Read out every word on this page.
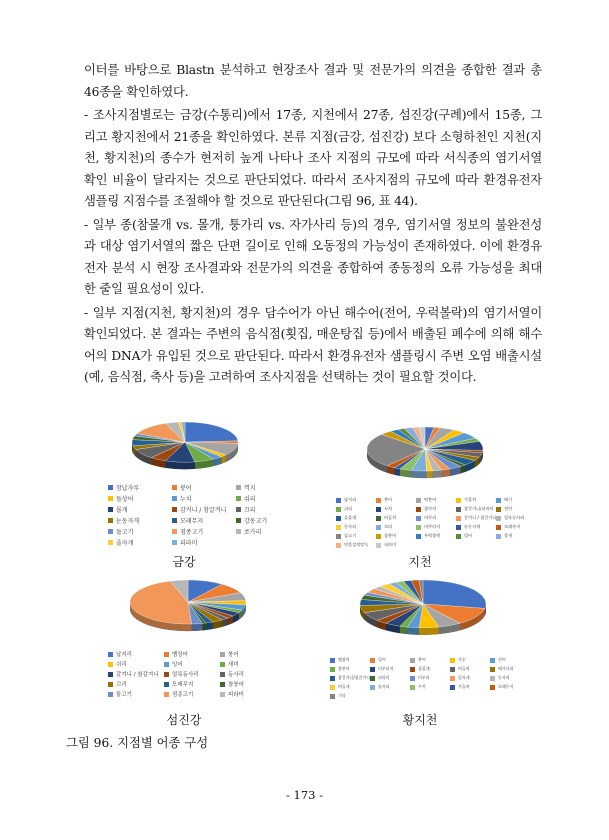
이터를 바탕으로 Blastn 분석하고 현장조사 결과 및 전문가의 의견을 종합한 결과 총 46종을 확인하였다.

- 조사지점별로는 금강(수통리)에서 17종, 지천에서 27종, 섬진강(구례)에서 15종, 그리고 황지천에서 21종을 확인하였다. 본류 지점(금강, 섬진강) 보다 소형하천인 지천(지천, 황지천)의 종수가 현저히 높게 나타나 조사 지점의 규모에 따라 서식종의 염기서열 확인 비율이 달라지는 것으로 판단되었다. 따라서 조사지점의 규모에 따라 환경유전자 샘플링 지점수를 조절해야 할 것으로 판단된다(그림 96, 표 44).

- 일부 종(참몰개 vs. 몰개, 퉁가리 vs. 자가사리 등)의 경우, 염기서열 정보의 불완전성과 대상 염기서열의 짧은 단편 길이로 인해 오동정의 가능성이 존재하였다. 이에 환경유전자 분석 시 현장 조사결과와 전문가의 의견을 종합하여 종동정의 오류 가능성을 최대한 줄일 필요성이 있다.

- 일부 지점(지천, 황지천)의 경우 담수어가 아닌 해수어(전어, 우럭볼락)의 염기서열이 확인되었다. 본 결과는 주변의 음식점(횟집, 매운탕집 등)에서 배출된 폐수에 의해 해수어의 DNA가 유입된 것으로 판단된다. 따라서 환경유전자 샘플링시 주변 오염 배출시설(예, 음식점, 축사 등)을 고려하여 조사지점을 선택하는 것이 필요할 것이다.

참납자루	붕어	꺽지
돌상어	누치	쉬리
몰개	감거니 / 참갈겨니	끄리
눈동자개	모래무지	강동고기
돌고기	점종고기	쏘가리
줄자개	피라미
금강
납지리	붕어	떡붕어	가물치	메기
쉬리	누치	참마자	참갈겨니/피라미 전어
줄몰개	버들치	미꾸리	갈겨니 / 참갈겨니 얼룩동사리
동사리	꼬리	미꾸라지	눈동자개	모래무지
돌고기	참붕어	우럭볼락	밀어	종개
민물검정망둑	피라미
지천
납지리	뱀장어	붕어
쉬리	잉어	새미
갈겨니 / 참갈겨니 얼룩동사리	동사리
끄리	모래무지	참붕어
돌고기	점종고기	피라미
섬진강
뱀장어	잉어	붕어	가숭	전어
참붕어	미꾸라지	줄몰개	버들치	배가사리
참갈겨니/참갈겨니 피라미	미꾸리	밀자개	동사리
버들개	송사리	우럭	우슬치	모래무지
기타
황지천
그림 96. 지점별 어종 구성
- 173 -
